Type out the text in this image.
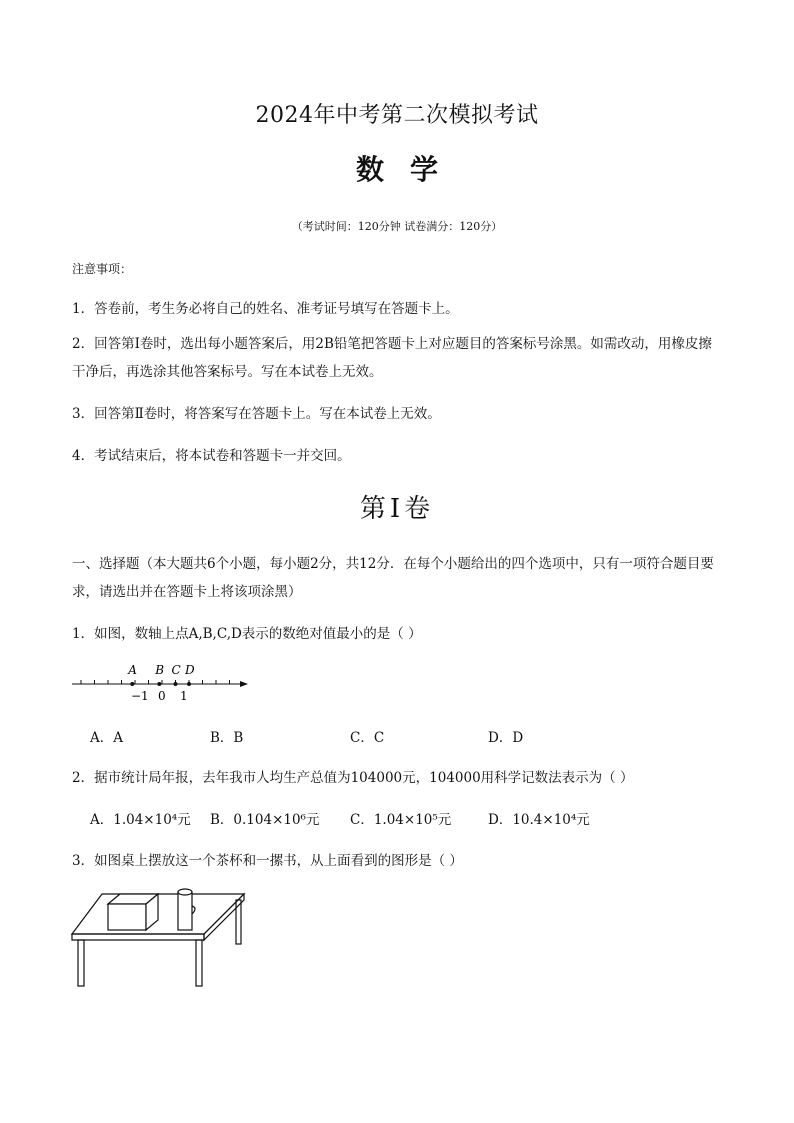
2024年中考第二次模拟考试
数学
（考试时间：120分钟 试卷满分：120分）
注意事项：
1．答卷前，考生务必将自己的姓名、准考证号填写在答题卡上。
2．回答第Ⅰ卷时，选出每小题答案后，用2B铅笔把答题卡上对应题目的答案标号涂黑。如需改动，用橡皮擦干净后，再选涂其他答案标号。写在本试卷上无效。
3．回答第Ⅱ卷时，将答案写在答题卡上。写在本试卷上无效。
4．考试结束后，将本试卷和答题卡一并交回。
第Ⅰ卷
一、选择题（本大题共6个小题，每小题2分，共12分．在每个小题给出的四个选项中，只有一项符合题目要求，请选出并在答题卡上将该项涂黑）
1．如图，数轴上点A,B,C,D表示的数绝对值最小的是（ ）
A B C D
−1 0 1
A．A	B．B	C．C	D．D
2．据市统计局年报，去年我市人均生产总值为104000元，104000用科学记数法表示为（ ）
A．1.04×10⁴元 B．0.104×10⁶元 C．1.04×10⁵元	D．10.4×10⁴元
3．如图桌上摆放这一个茶杯和一摞书，从上面看到的图形是（ ）
